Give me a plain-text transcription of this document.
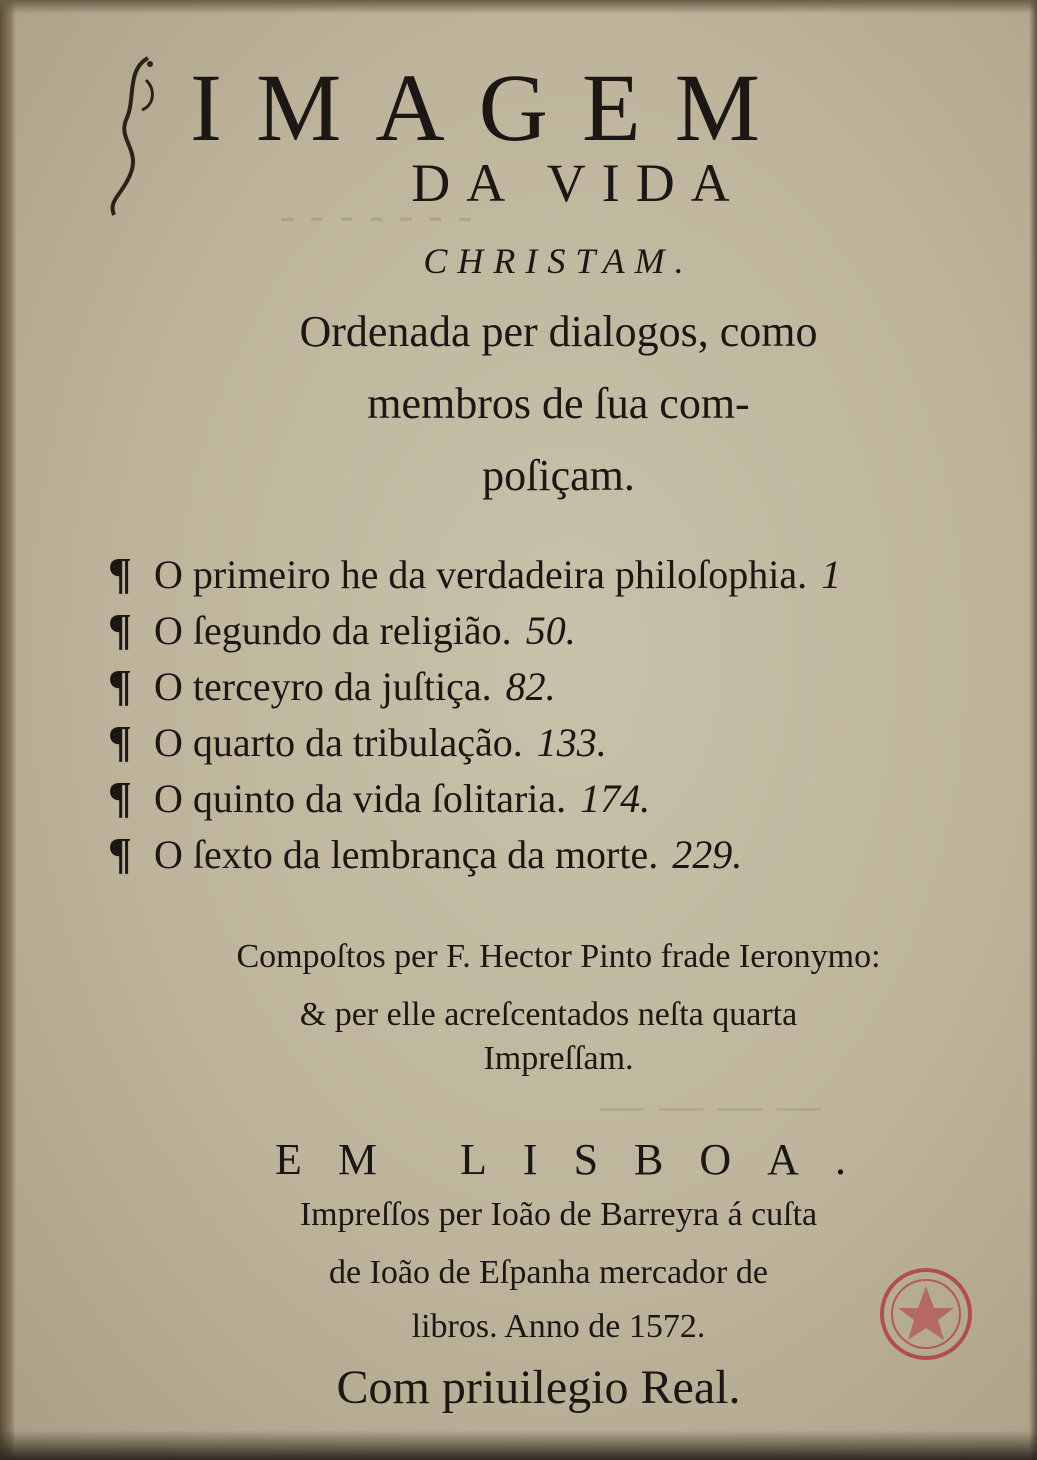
- - - - - - -
— — — —
IMAGEM
DA VIDA
CHRISTAM.
Ordenada per dialogos, como
membros de ſua com-
poſiçam.
¶ O primeiro he da verdadeira philoſophia. 1
¶ O ſegundo da religião. 50.
¶ O terceyro da juſtiça. 82.
¶ O quarto da tribulação. 133.
¶ O quinto da vida ſolitaria. 174.
¶ O ſexto da lembrança da morte. 229.
Compoſtos per F. Hector Pinto frade Ieronymo:
& per elle acreſcentados neſta quarta
Impreſſam.
EM LISBOA.
Impreſſos per Ioão de Barreyra á cuſta
de Ioão de Eſpanha mercador de
libros. Anno de 1572.
Com priuilegio Real.
